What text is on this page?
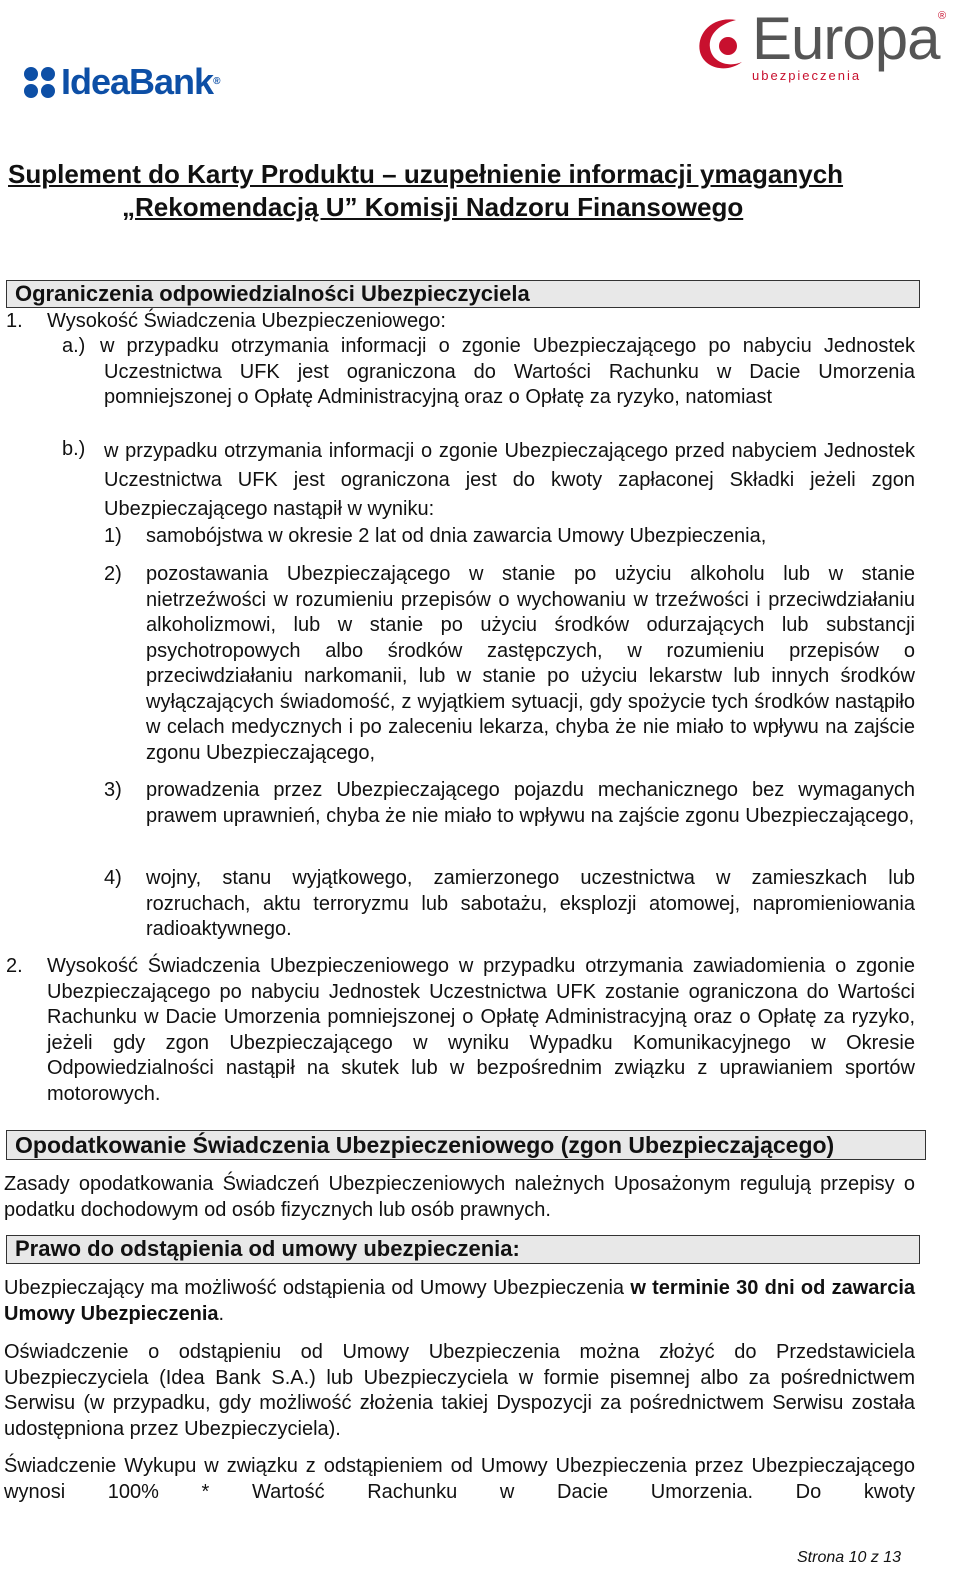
IdeaBank®
Europa
ubezpieczenia
®
Suplement do Karty Produktu – uzupełnienie informacji ymaganych
„Rekomendacją U” Komisji Nadzoru Finansowego
Ograniczenia odpowiedzialności Ubezpieczyciela
1. Wysokość Świadczenia Ubezpieczeniowego:
a.) w przypadku otrzymania informacji o zgonie Ubezpieczającego po nabyciu Jednostek Uczestnictwa UFK jest ograniczona do Wartości Rachunku w Dacie Umorzenia pomniejszonej o Opłatę Administracyjną oraz o Opłatę za ryzyko, natomiast
b.) w przypadku otrzymania informacji o zgonie Ubezpieczającego przed nabyciem Jednostek Uczestnictwa UFK jest ograniczona jest do kwoty zapłaconej Składki jeżeli zgon Ubezpieczającego nastąpił w wyniku:
1) samobójstwa w okresie 2 lat od dnia zawarcia Umowy Ubezpieczenia,
2) pozostawania Ubezpieczającego w stanie po użyciu alkoholu lub w stanie nietrzeźwości w rozumieniu przepisów o wychowaniu w trzeźwości i przeciwdziałaniu alkoholizmowi, lub w stanie po użyciu środków odurzających lub substancji psychotropowych albo środków zastępczych, w rozumieniu przepisów o przeciwdziałaniu narkomanii, lub w stanie po użyciu lekarstw lub innych środków wyłączających świadomość, z wyjątkiem sytuacji, gdy spożycie tych środków nastąpiło w celach medycznych i po zaleceniu lekarza, chyba że nie miało to wpływu na zajście zgonu Ubezpieczającego,
3) prowadzenia przez Ubezpieczającego pojazdu mechanicznego bez wymaganych prawem uprawnień, chyba że nie miało to wpływu na zajście zgonu Ubezpieczającego,
4) wojny, stanu wyjątkowego, zamierzonego uczestnictwa w zamieszkach lub rozruchach, aktu terroryzmu lub sabotażu, eksplozji atomowej, napromieniowania radioaktywnego.
2. Wysokość Świadczenia Ubezpieczeniowego w przypadku otrzymania zawiadomienia o zgonie Ubezpieczającego po nabyciu Jednostek Uczestnictwa UFK zostanie ograniczona do Wartości Rachunku w Dacie Umorzenia pomniejszonej o Opłatę Administracyjną oraz o Opłatę za ryzyko, jeżeli gdy zgon Ubezpieczającego w wyniku Wypadku Komunikacyjnego w Okresie Odpowiedzialności nastąpił na skutek lub w bezpośrednim związku z uprawianiem sportów motorowych.
Opodatkowanie Świadczenia Ubezpieczeniowego (zgon Ubezpieczającego)
Zasady opodatkowania Świadczeń Ubezpieczeniowych należnych Uposażonym regulują przepisy o podatku dochodowym od osób fizycznych lub osób prawnych.
Prawo do odstąpienia od umowy ubezpieczenia:
Ubezpieczający ma możliwość odstąpienia od Umowy Ubezpieczenia w terminie 30 dni od zawarcia Umowy Ubezpieczenia.
Oświadczenie o odstąpieniu od Umowy Ubezpieczenia można złożyć do Przedstawiciela Ubezpieczyciela (Idea Bank S.A.) lub Ubezpieczyciela w formie pisemnej albo za pośrednictwem Serwisu (w przypadku, gdy możliwość złożenia takiej Dyspozycji za pośrednictwem Serwisu została udostępniona przez Ubezpieczyciela).
Świadczenie Wykupu w związku z odstąpieniem od Umowy Ubezpieczenia przez Ubezpieczającego wynosi 100% * Wartość Rachunku w Dacie Umorzenia. Do kwoty
Strona 10 z 13
